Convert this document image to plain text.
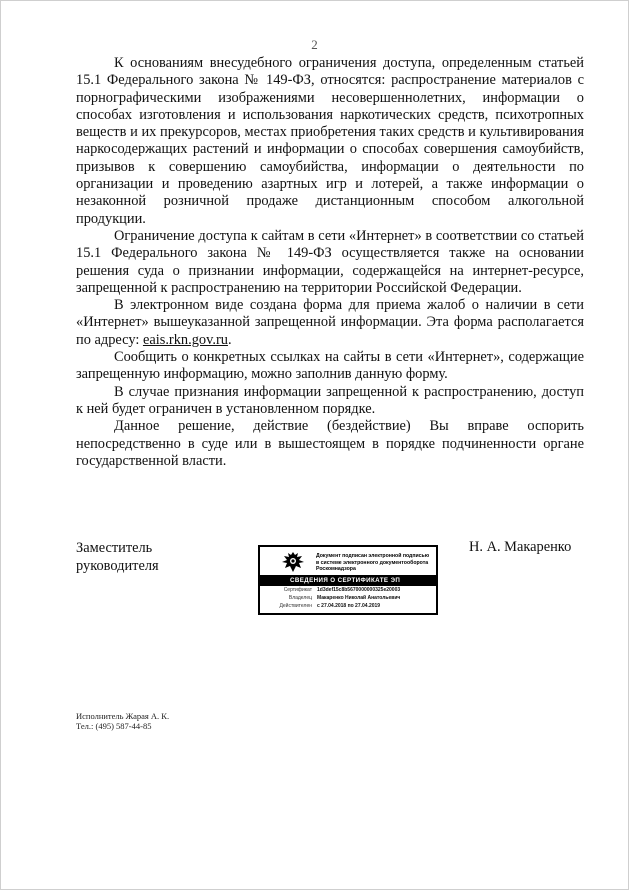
2

К основаниям внесудебного ограничения доступа, определенным статьей 15.1 Федерального закона № 149-ФЗ, относятся: распространение материалов с порнографическими изображениями несовершеннолетних, информации о способах изготовления и использования наркотических средств, психотропных веществ и их прекурсоров, местах приобретения таких средств и культивирования наркосодержащих растений и информации о способах совершения самоубийств, призывов к совершению самоубийства, информации о деятельности по организации и проведению азартных игр и лотерей, а также информации о незаконной розничной продаже дистанционным способом алкогольной продукции.

Ограничение доступа к сайтам в сети «Интернет» в соответствии со статьей 15.1 Федерального закона № 149-ФЗ осуществляется также на основании решения суда о признании информации, содержащейся на интернет-ресурсе, запрещенной к распространению на территории Российской Федерации.

В электронном виде создана форма для приема жалоб о наличии в сети «Интернет» вышеуказанной запрещенной информации. Эта форма располагается по адресу: eais.rkn.gov.ru.

Сообщить о конкретных ссылках на сайты в сети «Интернет», содержащие запрещенную информацию, можно заполнив данную форму.

В случае признания информации запрещенной к распространению, доступ к ней будет ограничен в установленном порядке.

Данное решение, действие (бездействие) Вы вправе оспорить непосредственно в суде или в вышестоящем в порядке подчиненности органе государственной власти.

Заместитель
руководителя
Н. А. Макаренко
Документ подписан электронной подписью в системе электронного документооборота Роскомнадзора
СВЕДЕНИЯ О СЕРТИФИКАТЕ ЭП
Сертификат	1d3def15c8b5670000000325e20003
Владелец	Макаренко Николай Анатольевич
Действителен	с 27.04.2018 по 27.04.2019
Исполнитель Жарая А. К.
Тел.: (495) 587-44-85
